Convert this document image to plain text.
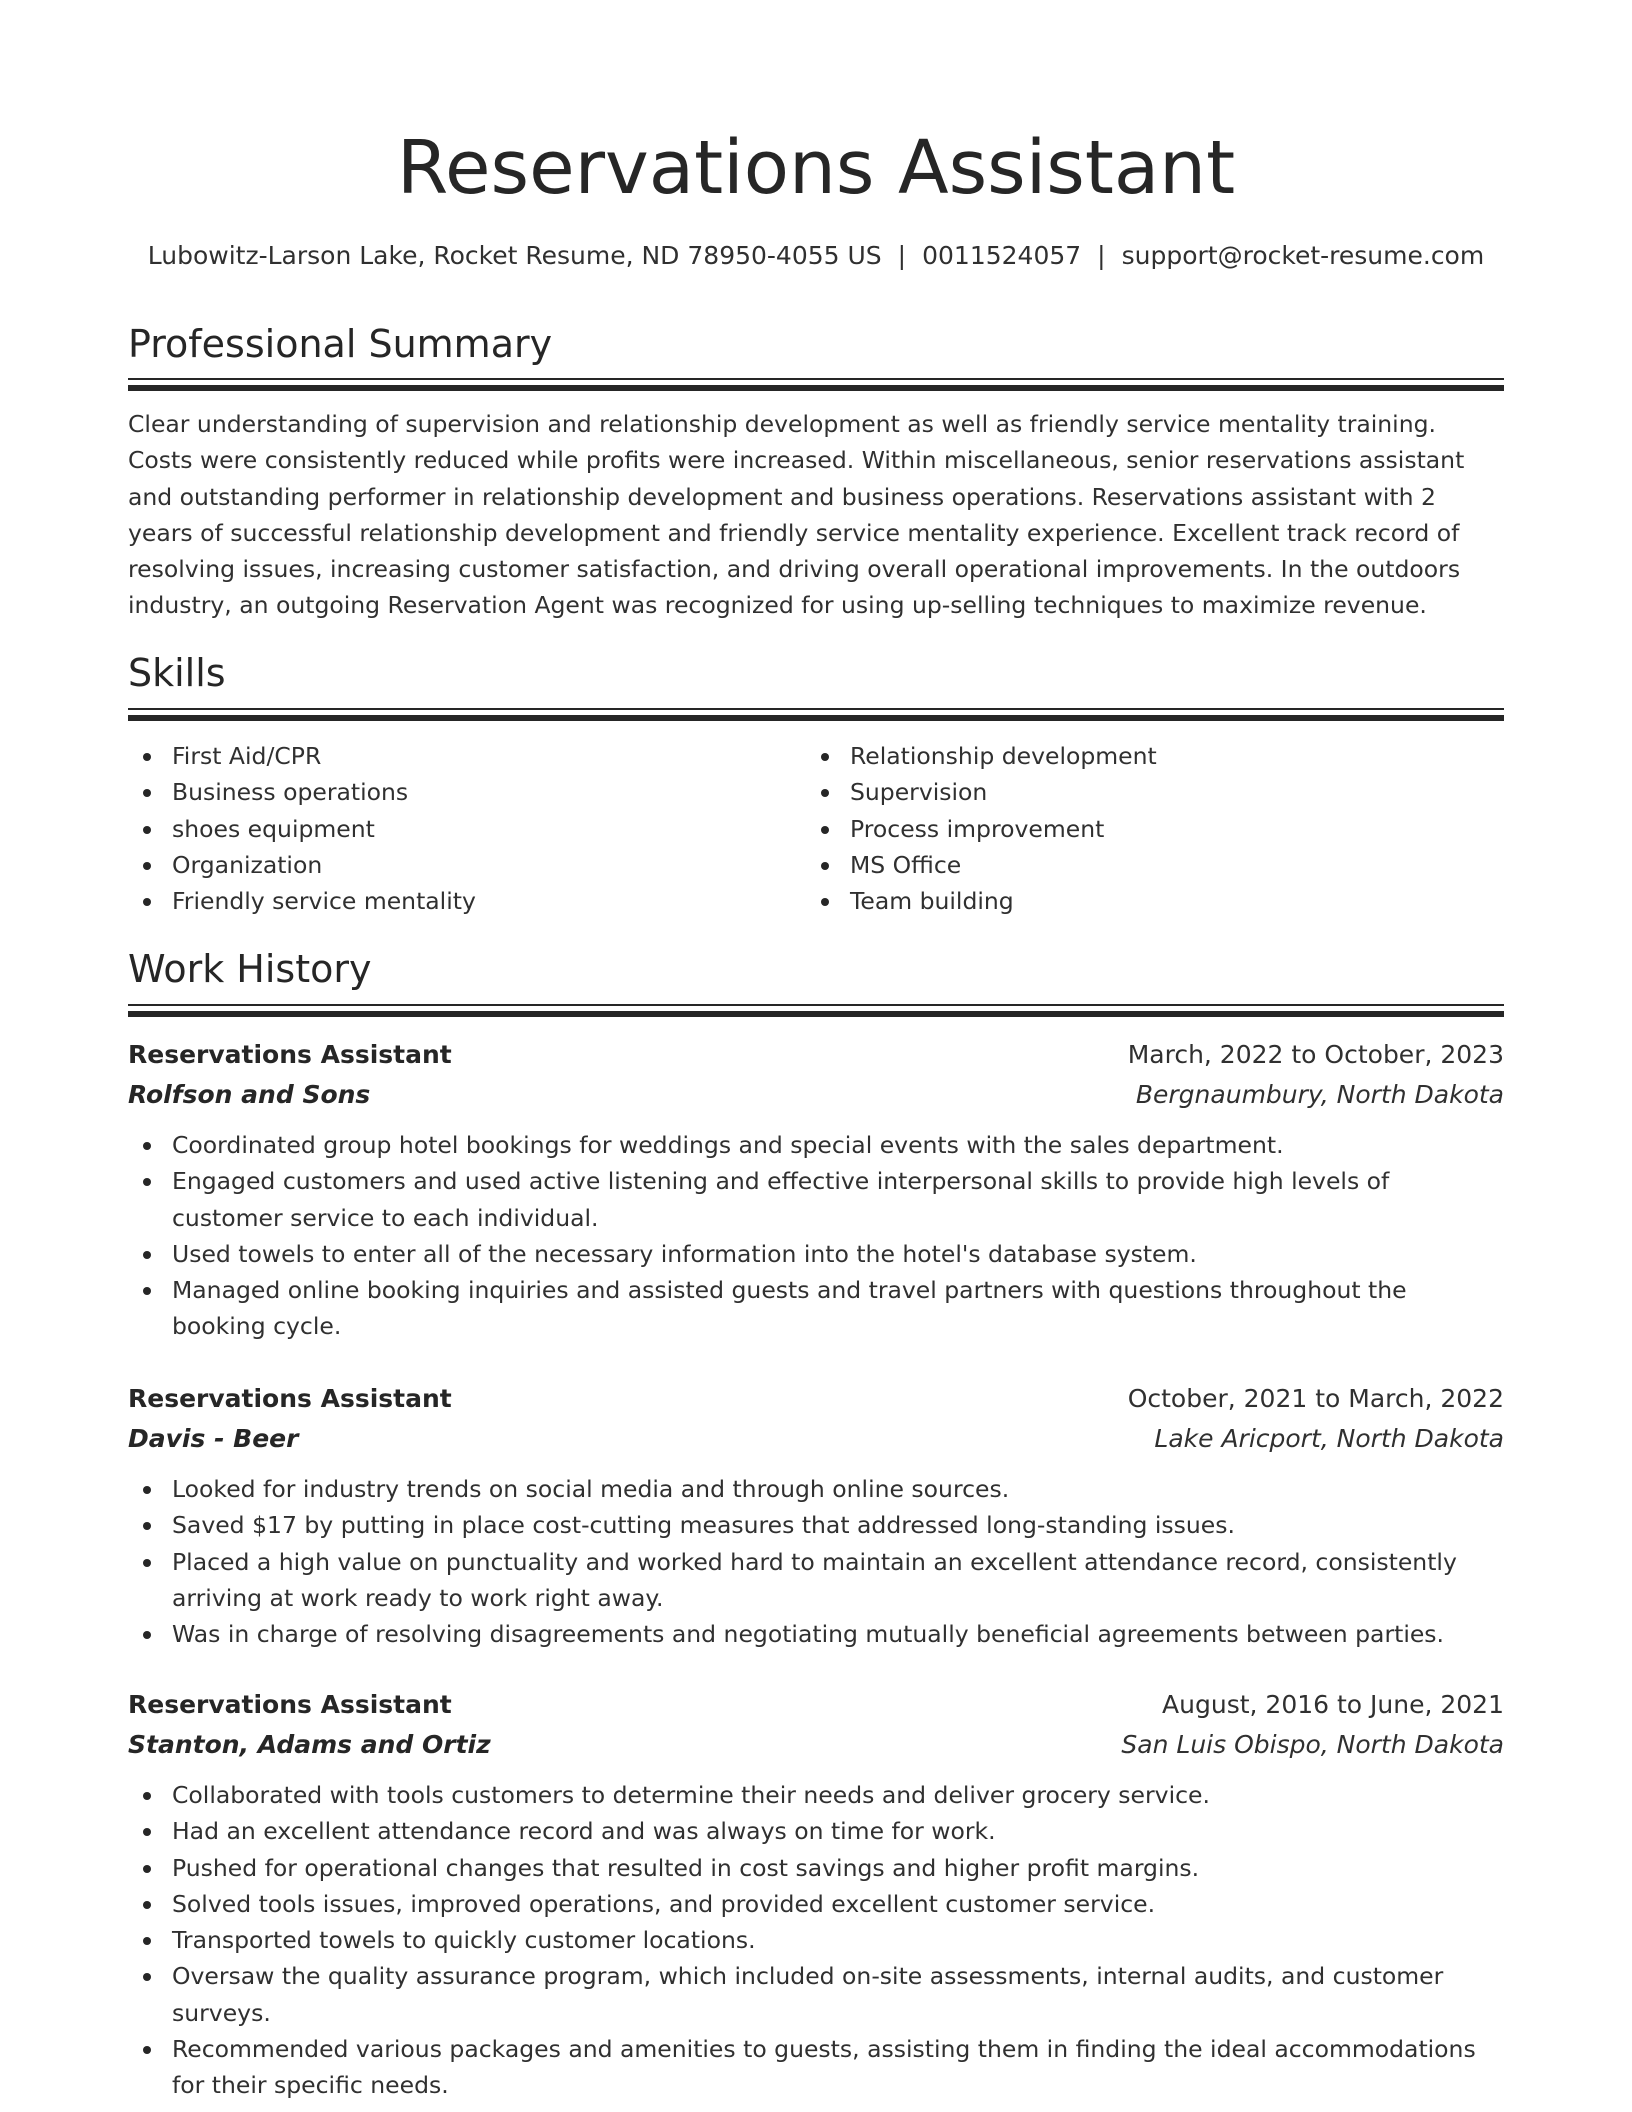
Reservations Assistant
Lubowitz-Larson Lake, Rocket Resume, ND 78950-4055 US | 0011524057 | support@rocket-resume.com
Professional Summary

Clear understanding of supervision and relationship development as well as friendly service mentality training. Costs were consistently reduced while profits were increased. Within miscellaneous, senior reservations assistant and outstanding performer in relationship development and business operations. Reservations assistant with 2 years of successful relationship development and friendly service mentality experience. Excellent track record of resolving issues, increasing customer satisfaction, and driving overall operational improvements. In the outdoors industry, an outgoing Reservation Agent was recognized for using up-selling techniques to maximize revenue.

Skills
First Aid/CPR
Business operations
shoes equipment
Organization
Friendly service mentality
Relationship development
Supervision
Process improvement
MS Office
Team building
Work History
Reservations Assistant	March, 2022 to October, 2023
Rolfson and Sons	Bergnaumbury, North Dakota
Coordinated group hotel bookings for weddings and special events with the sales department.
Engaged customers and used active listening and effective interpersonal skills to provide high levels of customer service to each individual.
Used towels to enter all of the necessary information into the hotel's database system.
Managed online booking inquiries and assisted guests and travel partners with questions throughout the booking cycle.
Reservations Assistant	October, 2021 to March, 2022
Davis - Beer	Lake Aricport, North Dakota
Looked for industry trends on social media and through online sources.
Saved $17 by putting in place cost-cutting measures that addressed long-standing issues.
Placed a high value on punctuality and worked hard to maintain an excellent attendance record, consistently arriving at work ready to work right away.
Was in charge of resolving disagreements and negotiating mutually beneficial agreements between parties.
Reservations Assistant	August, 2016 to June, 2021
Stanton, Adams and Ortiz	San Luis Obispo, North Dakota
Collaborated with tools customers to determine their needs and deliver grocery service.
Had an excellent attendance record and was always on time for work.
Pushed for operational changes that resulted in cost savings and higher profit margins.
Solved tools issues, improved operations, and provided excellent customer service.
Transported towels to quickly customer locations.
Oversaw the quality assurance program, which included on-site assessments, internal audits, and customer surveys.
Recommended various packages and amenities to guests, assisting them in finding the ideal accommodations for their specific needs.
